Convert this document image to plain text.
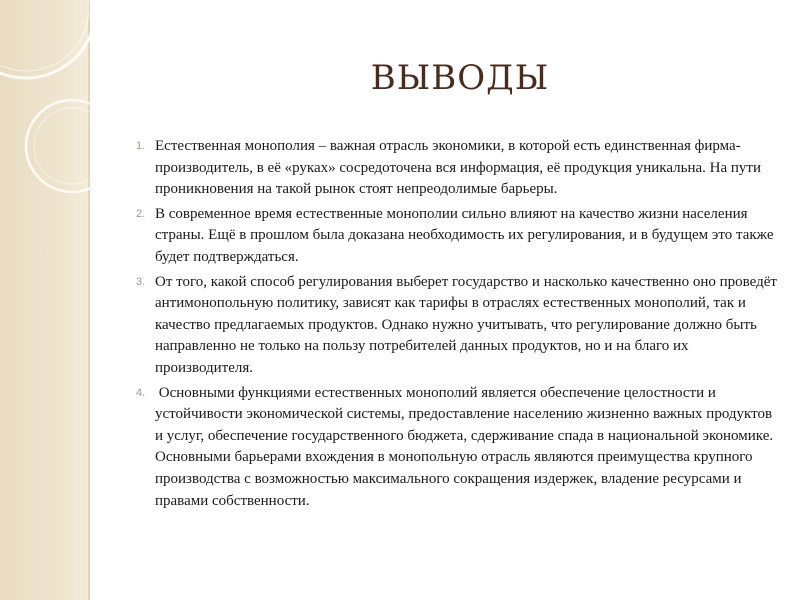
ВЫВОДЫ
1. Естественная монополия – важная отрасль экономики, в которой есть единственная фирма-производитель, в её «руках» сосредоточена вся информация, её продукция уникальна. На пути проникновения на такой рынок стоят непреодолимые барьеры.
2. В современное время естественные монополии сильно влияют на качество жизни населения страны. Ещё в прошлом была доказана необходимость их регулирования, и в будущем это также будет подтверждаться.
3. От того, какой способ регулирования выберет государство и насколько качественно оно проведёт антимонопольную политику, зависят как тарифы в отраслях естественных монополий, так и качество предлагаемых продуктов. Однако нужно учитывать, что регулирование должно быть направленно не только на пользу потребителей данных продуктов, но и на благо их производителя.
4. Основными функциями естественных монополий является обеспечение целостности и устойчивости экономической системы, предоставление населению жизненно важных продуктов и услуг, обеспечение государственного бюджета, сдерживание спада в национальной экономике. Основными барьерами вхождения в монопольную отрасль являются преимущества крупного производства с возможностью максимального сокращения издержек, владение ресурсами и правами собственности.
